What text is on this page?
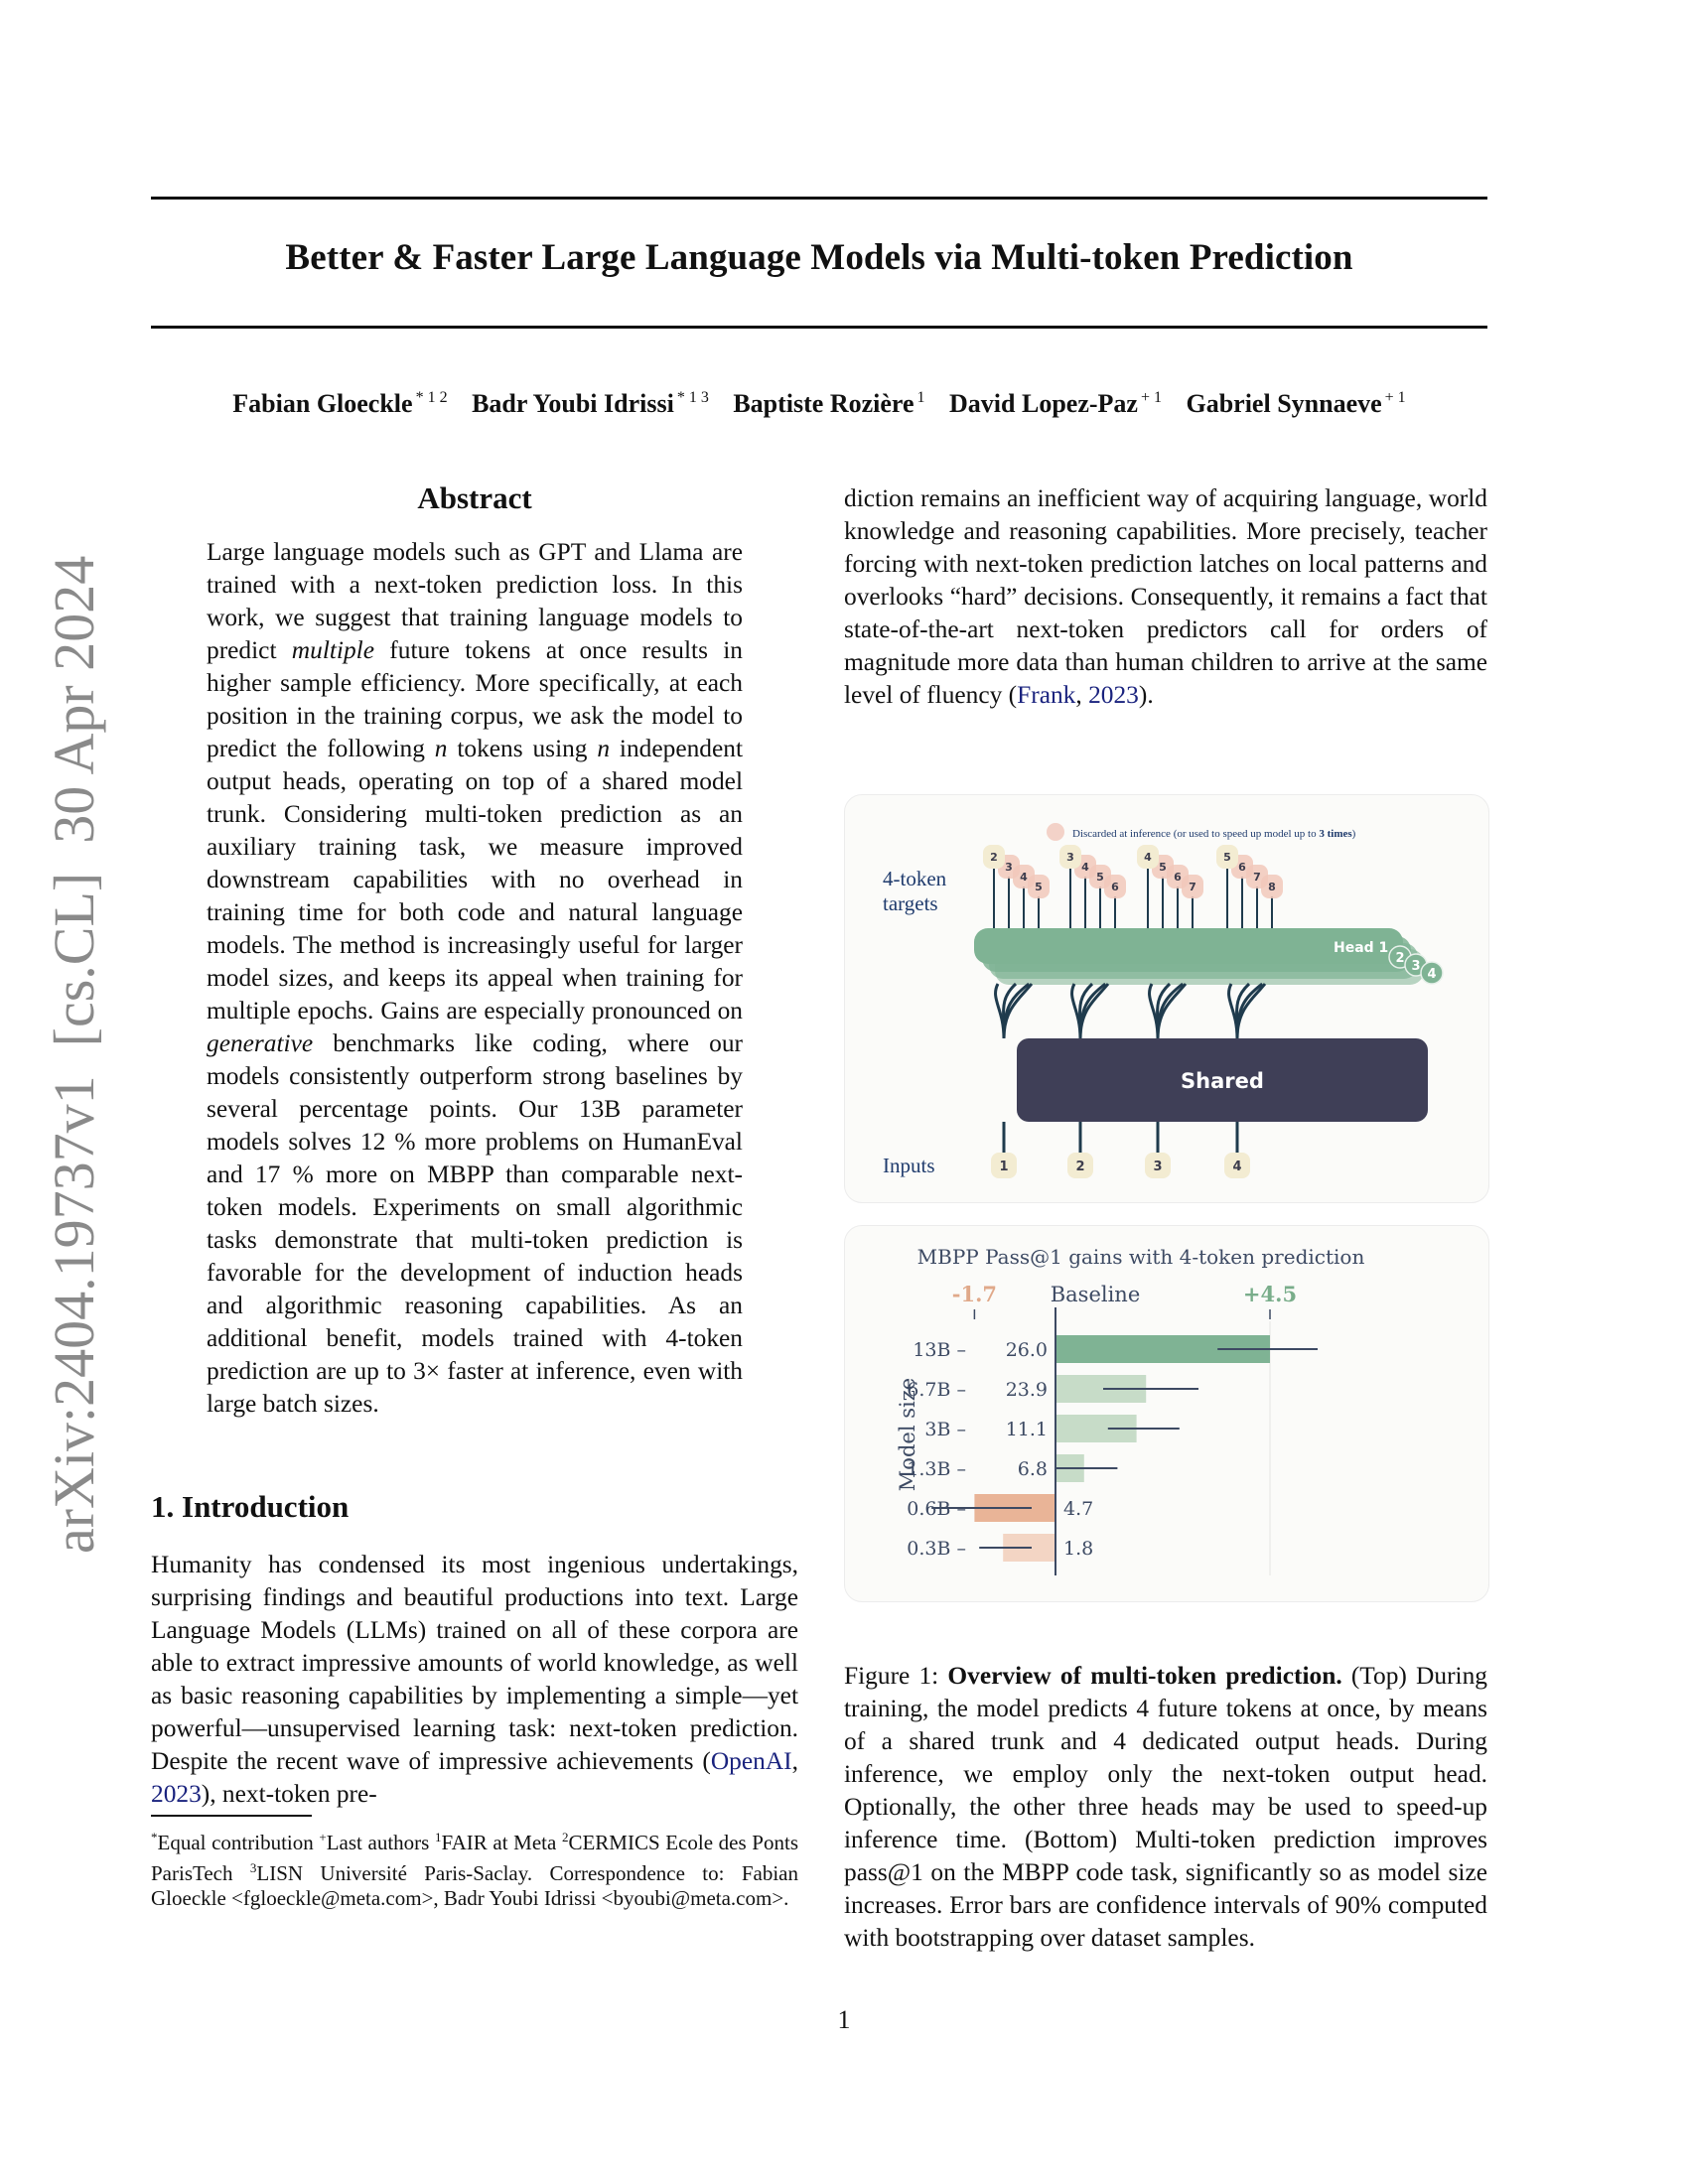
Better & Faster Large Language Models via Multi-token Prediction
Fabian Gloeckle $^{* 1 2}$ Badr Youbi Idrissi $^{* 1 3}$ Baptiste Rozière $^1$ David Lopez-Paz $^{+ 1}$ Gabriel Synnaeve $^{+ 1}$
arXiv:2404.19737v1  [cs.CL]  30 Apr 2024
Abstract
Large language models such as GPT and Llama are trained with a next-token prediction loss. In this work, we suggest that training language models to predict multiple future tokens at once results in higher sample efficiency. More specifically, at each position in the training corpus, we ask the model to predict the following n tokens using n independent output heads, operating on top of a shared model trunk. Considering multi-token prediction as an auxiliary training task, we measure improved downstream capabilities with no overhead in training time for both code and natural language models. The method is increasingly useful for larger model sizes, and keeps its appeal when training for multiple epochs. Gains are especially pronounced on generative benchmarks like coding, where our models consistently outperform strong baselines by several percentage points. Our 13B parameter models solves 12 % more problems on HumanEval and 17 % more on MBPP than comparable next-token models. Experiments on small algorithmic tasks demonstrate that multi-token prediction is favorable for the development of induction heads and algorithmic reasoning capabilities. As an additional benefit, models trained with 4-token prediction are up to 3× faster at inference, even with large batch sizes.
1. Introduction
Humanity has condensed its most ingenious undertakings, surprising findings and beautiful productions into text. Large Language Models (LLMs) trained on all of these corpora are able to extract impressive amounts of world knowledge, as well as basic reasoning capabilities by implementing a simple—yet powerful—unsupervised learning task: next-token prediction. Despite the recent wave of impressive achievements (OpenAI, 2023), next-token pre-
diction remains an inefficient way of acquiring language, world knowledge and reasoning capabilities. More precisely, teacher forcing with next-token prediction latches on local patterns and overlooks “hard” decisions. Consequently, it remains a fact that state-of-the-art next-token predictors call for orders of magnitude more data than human children to arrive at the same level of fluency (Frank, 2023).
*Equal contribution +Last authors $^1$FAIR at Meta $^2$CERMICS Ecole des Ponts ParisTech $^3$LISN Université Paris-Saclay. Correspondence to: Fabian Gloeckle <fgloeckle@meta.com>, Badr Youbi Idrissi <byoubi@meta.com>.
Discarded at inference (or used to speed up model up to 3 times)
4-token
targets
5
4
3
2
6
5
4
3
7
6
5
4
8
7
6
5
Head 1
2
3
4
Shared
Inputs	1	2	3	4
MBPP Pass@1 gains with 4-token prediction
-1.7	Baseline	+4.5
Model size
13B – 26.0
6.7B – 23.9
3B – 11.1
1.3B –	6.8
0.6B –	4.7
0.3B –	1.8
Figure 1: Overview of multi-token prediction. (Top) During training, the model predicts 4 future tokens at once, by means of a shared trunk and 4 dedicated output heads. During inference, we employ only the next-token output head. Optionally, the other three heads may be used to speed-up inference time. (Bottom) Multi-token prediction improves pass@1 on the MBPP code task, significantly so as model size increases. Error bars are confidence intervals of 90% computed with bootstrapping over dataset samples.
1
